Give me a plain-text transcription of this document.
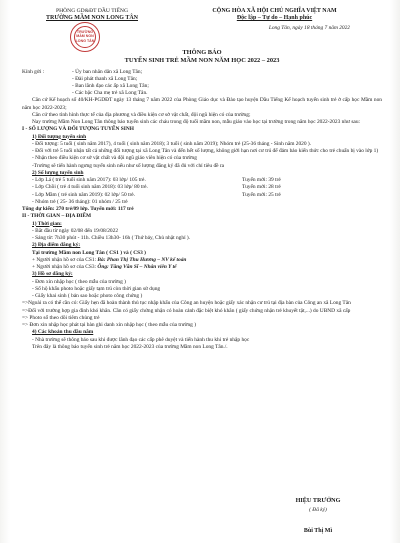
PHÒNG GD&ĐT DẦU TIẾNG
TRƯỜNG MẦM NON LONG TÂN
CỘNG HÒA XÃ HỘI CHỦ NGHĨA VIỆT NAM
Độc lập – Tự do – Hạnh phúc
TRƯỜNG
MẦM NON
LONG TÂN
Long Tân, ngày 18 tháng 7 năm 2022
THÔNG BÁO
TUYỂN SINH TRẺ MẦM NON NĂM HỌC 2022 – 2023
Kính gửi :	- Ủy ban nhân dân xã Long Tân;
- Đài phát thanh xã Long Tân;
- Ban lãnh đạo các ấp xã Long Tân;
- Các bậc Cha mẹ trẻ xã Long Tân.

Căn cứ Kế hoạch số 40/KH-PGDĐT ngày 13 tháng 7 năm 2022 của Phòng Giáo dục và Đào tạo huyện Dầu Tiếng Kế hoạch tuyển sinh trẻ ở cấp học Mầm non năm học 2022-2023;

Căn cứ theo tình hình thực tế của địa phương và điều kiện cơ sở vật chất, đội ngũ hiện có của trường;

Nay trường Mầm Non Long Tân thông báo tuyển sinh các cháu trong độ tuổi mầm non, mẫu giáo vào học tại trường trong năm học 2022-2023 như sau:

I - SỐ LƯỢNG VÀ ĐỐI TƯỢNG TUYỂN SINH
1) Đối tượng tuyển sinh

- Đối tượng: 5 tuổi ( sinh năm 2017), 4 tuổi ( sinh năm 2018); 3 tuổi ( sinh năm 2019); Nhóm trẻ (25-36 tháng - Sinh năm 2020 ).

- Đối với trẻ 5 tuổi nhận tất cả những đối tượng tại xã Long Tân và đến hết số lượng, không giới hạn nơi cư trú để đảm bảo kiến thức cho trẻ chuẩn bị vào lớp 1)

- Nhận theo điều kiện cơ sở vật chất và đội ngũ giáo viên hiện có của trường

-Trường sẽ tiến hành ngưng tuyển sinh nếu như số lượng đăng ký đã đủ với chỉ tiêu đề ra

2) Số lượng tuyển sinh
- Lớp Lá ( trẻ 5 tuổi sinh năm 2017): 03 lớp/ 105 trẻ.	Tuyển mới: 39 trẻ
- Lớp Chồi ( trẻ 4 tuổi sinh năm 2018): 03 lớp/ 80 trẻ.	Tuyển mới: 28 trẻ
- Lớp Mầm ( trẻ sinh năm 2019): 02 lớp/ 50 trẻ.	Tuyển mới: 25 trẻ
- Nhóm trẻ ( 25- 36 tháng): 01 nhóm / 25 trẻ
Tổng dự kiến: 270 trẻ/09 lớp. Tuyển mới: 117 trẻ
II - THỜI GIAN – ĐỊA ĐIỂM
1) Thời gian:

- Bắt đầu từ ngày 02/08 đến 19/08/2022

- Sáng từ: 7h30 phút - 11h. Chiều 13h30- 16h ( Thứ bảy, Chủ nhật nghỉ ).

2) Địa điểm đăng ký:
Tại trường Mầm non Long Tân ( CS1 ) và ( CS3 )
+ Người nhận hồ sơ của CS1: Bà: Phan Thị Thu Hương – NV kế toán
+ Người nhận hồ sơ của CS3: Ông: Tăng Văn Sĩ – Nhân viên Y tế
3) Hồ sơ đăng ký:

- Đơn xin nhập học ( theo mẫu của trường )

- Sổ hộ khẩu photo hoặc giấy tạm trú còn thời gian sử dụng

- Giấy khai sinh ( bản sao hoặc photo công chứng )

=>Ngoài ra có thể cần có: Giấy hẹn đã hoàn thành thủ tục nhập khẩu của Công an huyện hoặc giấy xác nhận cư trú tại địa bàn của Công an xã Long Tân

=>Đối với trường hợp gia đình khó khăn. Cần có giấy chứng nhận có hoàn cảnh đặc biệt khó khăn ( giấy chứng nhận trẻ khuyết tật,...) do UBND xã cấp

=> Photo sổ theo dõi tiêm chủng trẻ

=> Đơn xin nhập học phát tại bàn ghi danh xin nhập học ( theo mẫu của trường )

4) Các khoản thu đầu năm

- Nhà trường sẽ thông báo sau khi được lãnh đạo các cấp phê duyệt và tiến hành thu khi trẻ nhập học

Trên đây là thông báo tuyển sinh trẻ năm học 2022-2023 của trường Mầm non Long Tân./.

HIỆU TRƯỞNG
( Đã ký)
Bùi Thị Mì
